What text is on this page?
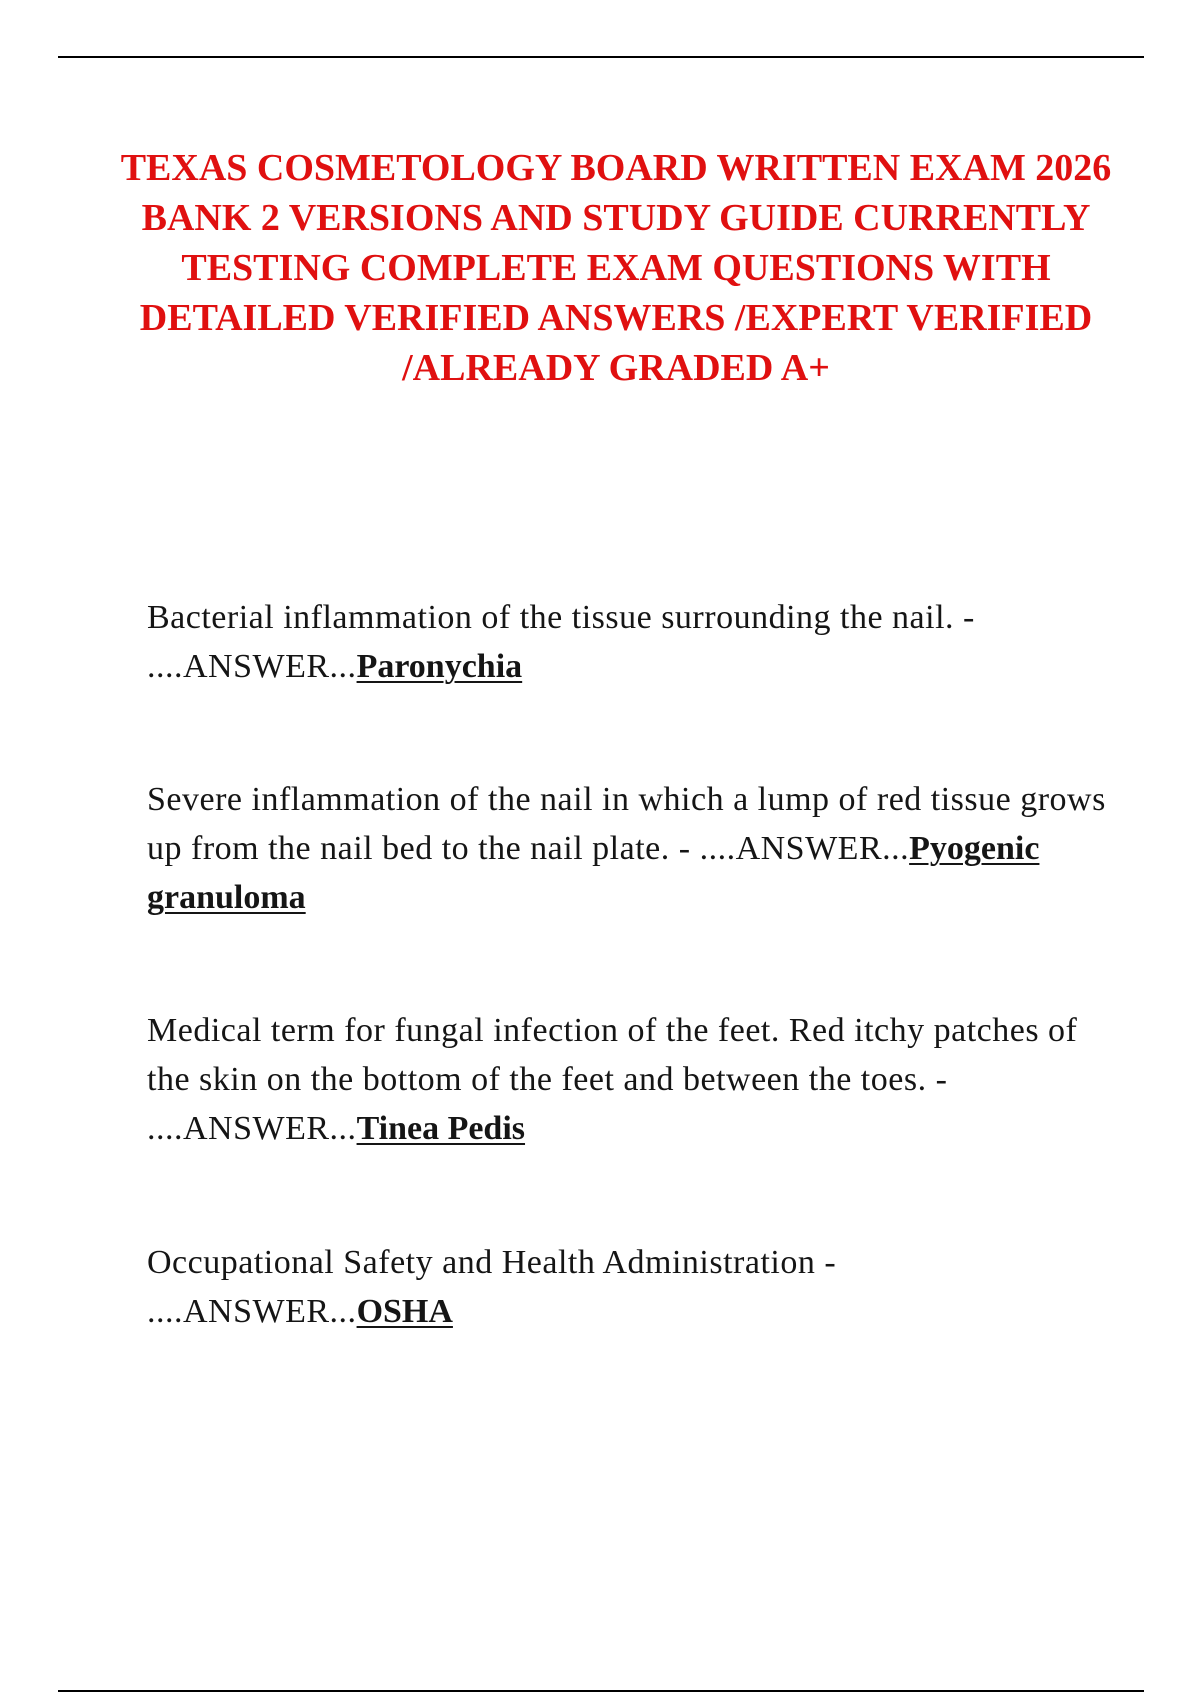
TEXAS COSMETOLOGY BOARD WRITTEN EXAM 2026 BANK 2 VERSIONS AND STUDY GUIDE CURRENTLY TESTING COMPLETE EXAM QUESTIONS WITH DETAILED VERIFIED ANSWERS /EXPERT VERIFIED /ALREADY GRADED A+

Bacterial inflammation of the tissue surrounding the nail. - ....ANSWER...Paronychia

Severe inflammation of the nail in which a lump of red tissue grows up from the nail bed to the nail plate. - ....ANSWER...Pyogenic granuloma

Medical term for fungal infection of the feet. Red itchy patches of the skin on the bottom of the feet and between the toes. - ....ANSWER...Tinea Pedis

Occupational Safety and Health Administration - ....ANSWER...OSHA
